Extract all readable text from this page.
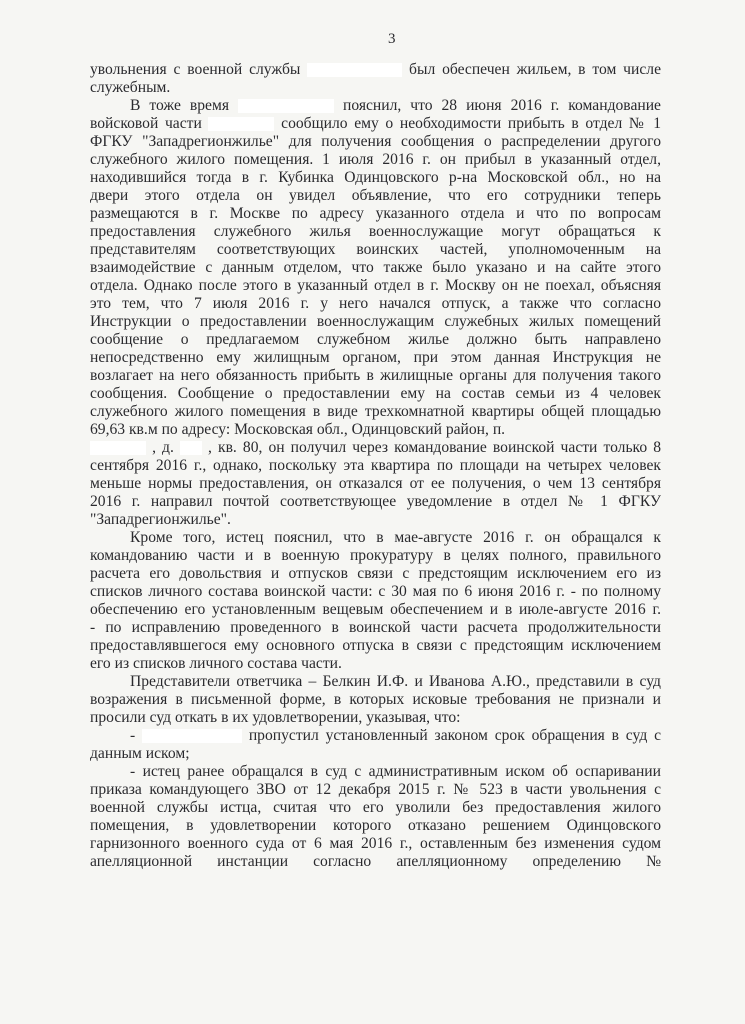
3
увольнения с военной службы	был обеспечен жильем, в том числе
служебным.
В тоже время	пояснил, что 28 июня 2016 г. командование
войсковой части	сообщило ему о необходимости прибыть в отдел № 1
ФГКУ "Западрегионжилье" для получения сообщения о распределении другого
служебного жилого помещения. 1 июля 2016 г. он прибыл в указанный отдел,
находившийся тогда в г. Кубинка Одинцовского р-на Московской обл., но на
двери этого отдела он увидел объявление, что его сотрудники теперь
размещаются в г. Москве по адресу указанного отдела и что по вопросам
предоставления служебного жилья военнослужащие могут обращаться к
представителям соответствующих воинских частей, уполномоченным на
взаимодействие с данным отделом, что также было указано и на сайте этого
отдела. Однако после этого в указанный отдел в г. Москву он не поехал, объясняя
это тем, что 7 июля 2016 г. у него начался отпуск, а также что согласно
Инструкции о предоставлении военнослужащим служебных жилых помещений
сообщение о предлагаемом служебном жилье должно быть направлено
непосредственно ему жилищным органом, при этом данная Инструкция не
возлагает на него обязанность прибыть в жилищные органы для получения такого
сообщения. Сообщение о предоставлении ему на состав семьи из 4 человек
служебного жилого помещения в виде трехкомнатной квартиры общей площадью
69,63 кв.м по адресу: Московская обл., Одинцовский район, п.
, д. , кв. 80, он получил через командование воинской части только 8
сентября 2016 г., однако, поскольку эта квартира по площади на четырех человек
меньше нормы предоставления, он отказался от ее получения, о чем 13 сентября
2016 г. направил почтой соответствующее уведомление в отдел № 1 ФГКУ
"Западрегионжилье".
Кроме того, истец пояснил, что в мае-августе 2016 г. он обращался к
командованию части и в военную прокуратуру в целях полного, правильного
расчета его довольствия и отпусков связи с предстоящим исключением его из
списков личного состава воинской части: с 30 мая по 6 июня 2016 г. - по полному
обеспечению его установленным вещевым обеспечением и в июле-августе 2016 г.
- по исправлению проведенного в воинской части расчета продолжительности
предоставлявшегося ему основного отпуска в связи с предстоящим исключением
его из списков личного состава части.
Представители ответчика – Белкин И.Ф. и Иванова А.Ю., представили в суд
возражения в письменной форме, в которых исковые требования не признали и
просили суд откать в их удовлетворении, указывая, что:
-	пропустил установленный законом срок обращения в суд с
данным иском;
- истец ранее обращался в суд с административным иском об оспаривании
приказа командующего ЗВО от 12 декабря 2015 г. № 523 в части увольнения с
военной службы истца, считая что его уволили без предоставления жилого
помещения, в удовлетворении которого отказано решением Одинцовского
гарнизонного военного суда от 6 мая 2016 г., оставленным без изменения судом
апелляционной инстанции согласно апелляционному определению №
